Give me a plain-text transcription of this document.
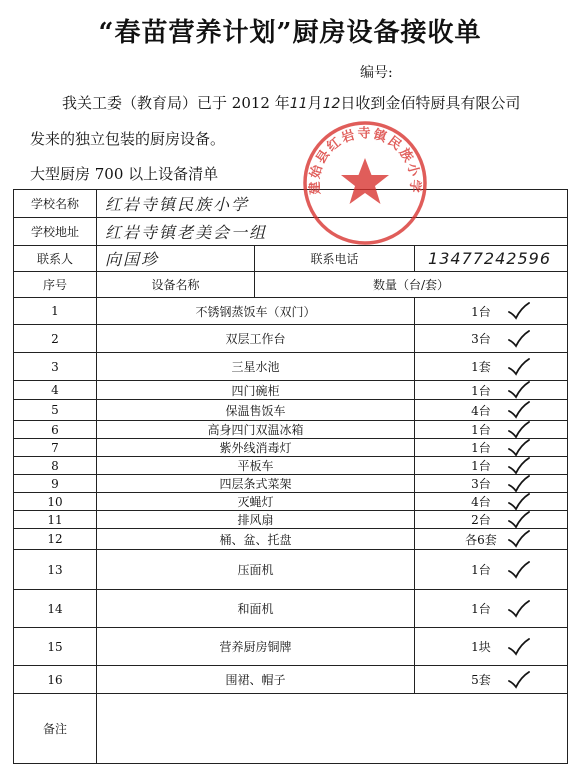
“春苗营养计划”厨房设备接收单
编号:
我关工委（教育局）已于 2012 年11月12日收到金佰特厨具有限公司
发来的独立包装的厨房设备。
大型厨房 700 以上设备清单
学校名称	红岩寺镇民族小学		
学校地址	红岩寺镇老美会一组		
联系人	向国珍	联系电话	13477242596
序号	设备名称	数量（台/套）	
1	不锈钢蒸饭车（双门）		1台

2	双层工作台		3台

3	三星水池		1套

4	四门碗柜		1台

5	保温售饭车		4台

6	高身四门双温冰箱		1台

7	紫外线消毒灯		1台

8	平板车		1台

9	四层条式菜架		3台

10	灭蝇灯		4台

11	排风扇		2台

12	桶、盆、托盘		各6套

13	压面机		1台

14	和面机		1台

15	营养厨房铜牌		1块

16	围裙、帽子		5套

备注			
建始县红岩寺镇民族小学
